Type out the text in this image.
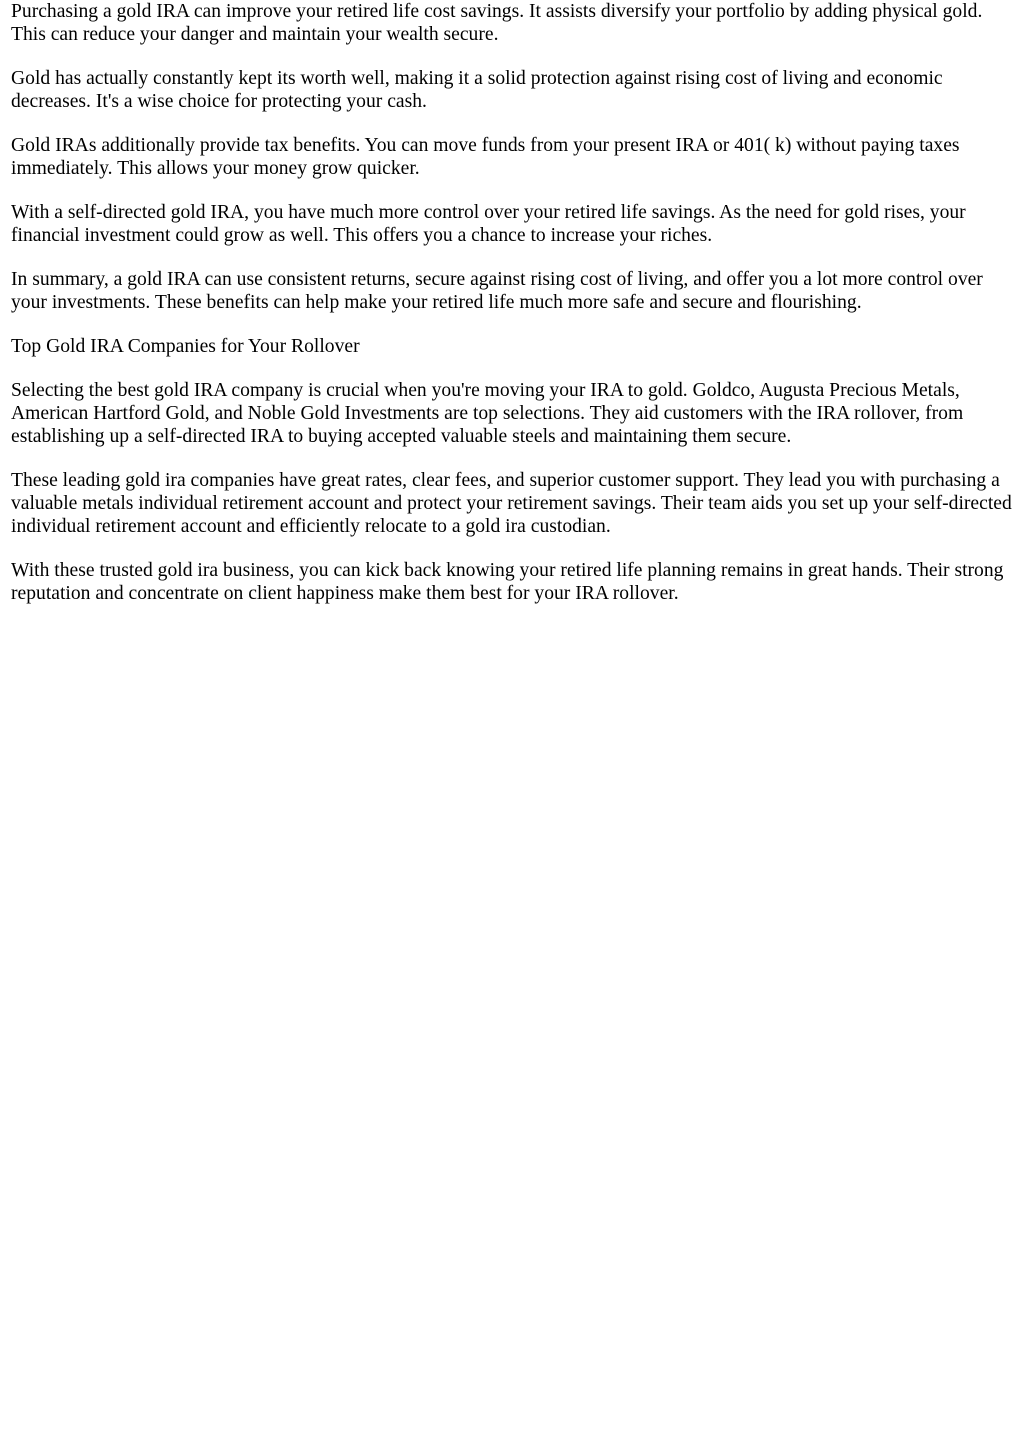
Purchasing a gold IRA can improve your retired life cost savings. It assists diversify your portfolio by adding physical gold. This can reduce your danger and maintain your wealth secure.

Gold has actually constantly kept its worth well, making it a solid protection against rising cost of living and economic decreases. It's a wise choice for protecting your cash.

Gold IRAs additionally provide tax benefits. You can move funds from your present IRA or 401( k) without paying taxes immediately. This allows your money grow quicker.

With a self-directed gold IRA, you have much more control over your retired life savings. As the need for gold rises, your financial investment could grow as well. This offers you a chance to increase your riches.

In summary, a gold IRA can use consistent returns, secure against rising cost of living, and offer you a lot more control over your investments. These benefits can help make your retired life much more safe and secure and flourishing.

Top Gold IRA Companies for Your Rollover

Selecting the best gold IRA company is crucial when you're moving your IRA to gold. Goldco, Augusta Precious Metals, American Hartford Gold, and Noble Gold Investments are top selections. They aid customers with the IRA rollover, from establishing up a self-directed IRA to buying accepted valuable steels and maintaining them secure.

These leading gold ira companies have great rates, clear fees, and superior customer support. They lead you with purchasing a valuable metals individual retirement account and protect your retirement savings. Their team aids you set up your self-directed individual retirement account and efficiently relocate to a gold ira custodian.

With these trusted gold ira business, you can kick back knowing your retired life planning remains in great hands. Their strong reputation and concentrate on client happiness make them best for your IRA rollover.
